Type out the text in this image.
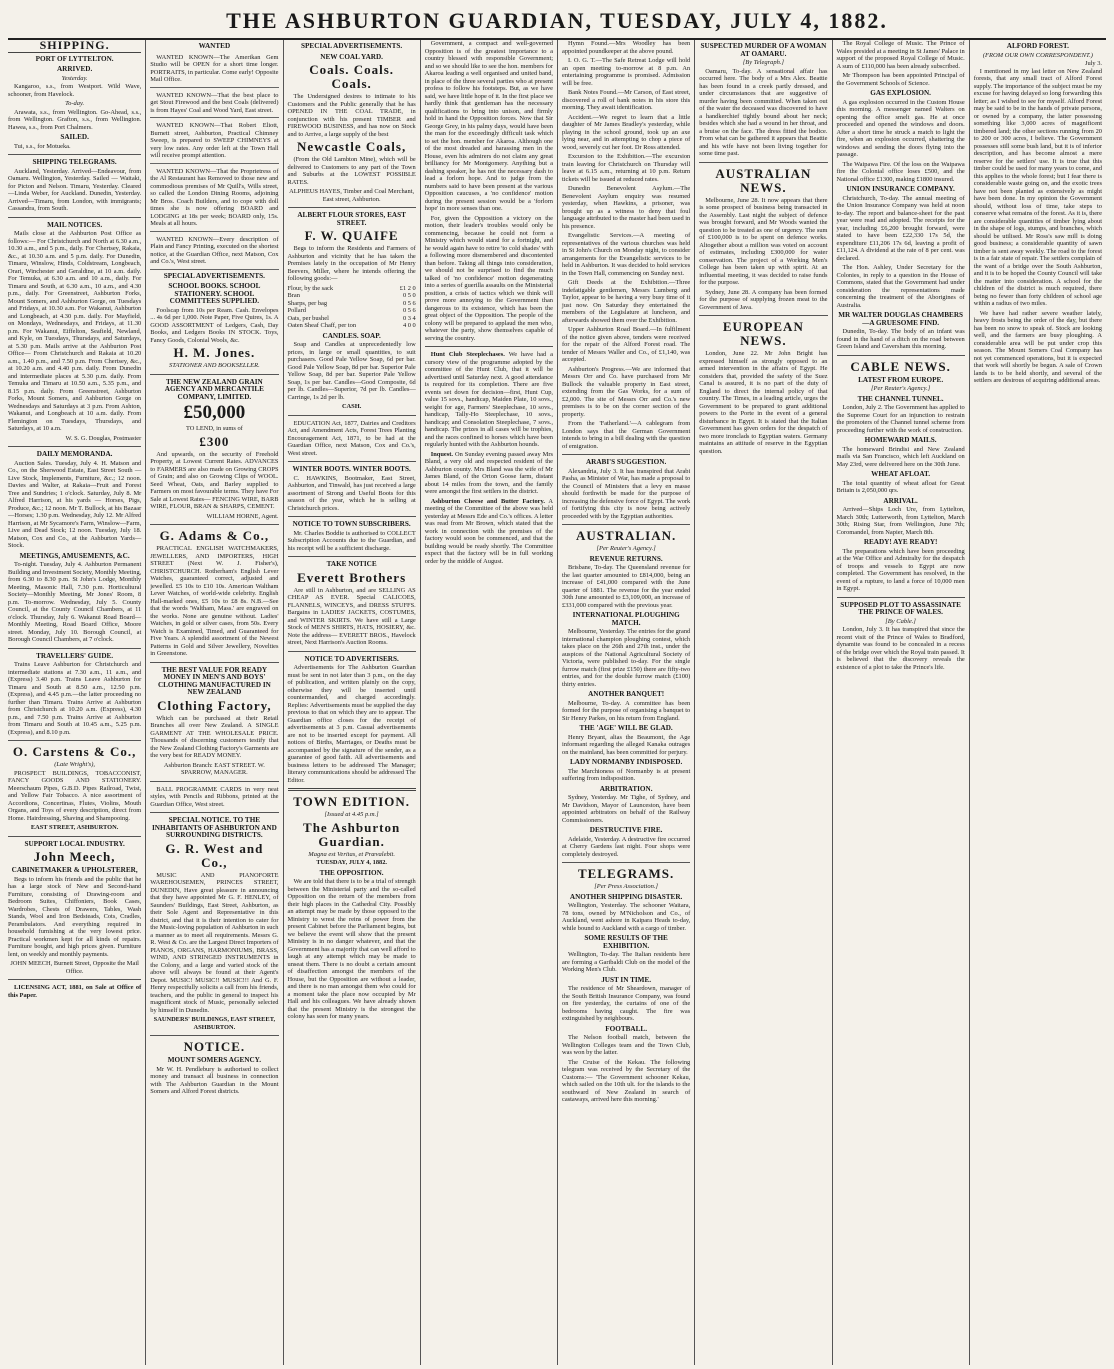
THE ASHBURTON GUARDIAN, TUESDAY, JULY 4, 1882.
SHIPPING.
PORT OF LYTTELTON.
ARRIVED.
Yesterday.
Kangaroo, s.s., from Westport. Wild Wave, schooner, from Havelock.
To-day.
Arawata, s.s., from Wellington. Go-Ahead, s.s., from Wellington. Grafton, s.s., from Wellington. Hawea, s.s., from Port Chalmers.
SAILED.
Tui, s.s., for Motueka.
SHIPPING TELEGRAMS.
Auckland, Yesterday. Arrived—Endeavour, from Oamaru. Wellington, Yesterday. Sailed — Waitaki, for Picton and Nelson. Timaru, Yesterday. Cleared—Linda Weber, for Auckland. Dunedin, Yesterday. Arrived—Timaru, from London, with immigrants; Cassandra, from South.
MAIL NOTICES.
Mails close at the Ashburton Post Office as follows:— For Christchurch and North at 6.30 a.m., 10.30 a.m., and 5 p.m., daily. For Chertsey, Rakaia, &c., at 10.30 a.m. and 5 p.m. daily. For Dunedin, Timaru, Winslow, Hinds, Coldstream, Longbeach, Orari, Winchester and Geraldine, at 10 a.m. daily. For Temuka, at 6.30 a.m. and 10 a.m., daily. For Timaru and South, at 6.30 a.m., 10 a.m., and 4.30 p.m., daily. For Greenstreet, Ashburton Forks, Mount Somers, and Ashburton Gorge, on Tuesdays and Fridays, at 10.30 a.m. For Wakanui, Ashburton and Longbeach, at 4.30 p.m. daily. For Mayfield, on Mondays, Wednesdays, and Fridays, at 11.30 p.m. For Wakanui, Eiffelton, Seafield, Newland, and Kyle, on Tuesdays, Thursdays, and Saturdays, at 5.30 p.m. Mails arrive at the Ashburton Post Office— From Christchurch and Rakaia at 10.20 a.m., 1.40 p.m., and 7.50 p.m. From Chertsey, &c., at 10.20 a.m. and 4.40 p.m. daily. From Dunedin and intermediate places at 5.30 p.m. daily. From Temuka and Timaru at 10.50 a.m., 5.35 p.m., and 8.15 p.m. daily. From Greenstreet, Ashburton Forks, Mount Somers, and Ashburton Gorge on Wednesdays and Saturdays at 3 p.m. From Ashton, Wakanui, and Longbeach at 10 a.m. daily. From Flemington on Tuesdays, Thursdays, and Saturdays, at 10 a.m.
W. S. G. Douglas, Postmaster
DAILY MEMORANDA.
Auction Sales. Tuesday, July 4. H. Matson and Co., on the Sherwood Estate, East Street South — Live Stock, Implements, Furniture, &c.; 12 noon. Davies and Walter, at Rakaia—Fruit and Forest Tree and Sundries; 1 o'clock. Saturday, July 8. Mr Alfred Harrison, at his yards — Horses, Pigs, Produce, &c.; 12 noon. Mr T. Bullock, at his Bazaar—Horses; 1.30 p.m. Wednesday, July 12. Mr Alfred Harrison, at Mr Sycamore's Farm, Winslow—Farm, Live and Dead Stock; 12 noon. Tuesday, July 18. Matson, Cox and Co., at the Ashburton Yards—Stock.
MEETINGS, AMUSEMENTS, &C.
To-night. Tuesday, July 4. Ashburton Permanent Building and Investment Society, Monthly Meeting, from 6.30 to 8.30 p.m. St John's Lodge, Monthly Meeting, Masonic Hall, 7.30 p.m. Horticultural Society—Monthly Meeting, Mr Jones' Room, 8 p.m. To-morrow. Wednesday, July 5. County Council, at the County Council Chambers, at 11 o'clock. Thursday, July 6. Wakanui Road Board—Monthly Meeting, Road Board Office, Moore street. Monday, July 10. Borough Council, at Borough Council Chambers, at 7 o'clock.
TRAVELLERS' GUIDE.
Trains Leave Ashburton for Christchurch and intermediate stations at 7.30 a.m., 11 a.m., and (Express) 3.40 p.m. Trains Leave Ashburton for Timaru and South at 8.50 a.m., 12.50 p.m. (Express), and 4.45 p.m.—the latter proceeding no further than Timaru. Trains Arrive at Ashburton from Christchurch at 10.20 a.m. (Express), 4.30 p.m., and 7.50 p.m. Trains Arrive at Ashburton from Timaru and South at 10.45 a.m., 5.25 p.m. (Express), and 8.10 p.m.
O. Carstens & Co.,
(Late Wright's),
PROSPECT BUILDINGS, TOBACCONIST, FANCY GOODS AND STATIONERY. Meerschaum Pipes, G.B.D. Pipes Railroad, Twist, and Yellow Fair Tobacco. A nice assortment of Accordions, Concertinas, Flutes, Violins, Mouth Organs, and Toys of every description, direct from Home. Hairdressing, Shaving and Shampooing.
EAST STREET, ASHBURTON.
SUPPORT LOCAL INDUSTRY.
John Meech,
CABINETMAKER & UPHOLSTERER,
Begs to inform his friends and the public that he has a large stock of New and Second-hand Furniture, consisting of Drawing-room and Bedroom Suites, Chiffoniers, Book Cases, Wardrobes, Chests of Drawers, Tables, Wash Stands, Wool and Iron Bedsteads, Cots, Cradles, Perambulators. And everything required in household furnishing at the very lowest price. Practical workmen kept for all kinds of repairs. Furniture bought, and high prices given. Furniture lent, on weekly and monthly payments.
JOHN MEECH, Burnett Street, Opposite the Mail Office.
LICENSING ACT, 1881, on Sale at Office of this Paper.
WANTED
WANTED KNOWN—The Amerikan Gem Studio will be OPEN for a short time longer. PORTRAITS, in particular. Come early! Opposite Mail Office.
WANTED KNOWN—That the best place to get Stout Firewood and the best Coals (delivered) is from Hayes' Coal and Wood Yard, East street.
WANTED KNOWN—That Robert Eliott, Burnett street, Ashburton, Practical Chimney Sweep, is prepared to SWEEP CHIMNEYS at very low rates. Any order left at the Town Hall will receive prompt attention.
WANTED KNOWN—That the Proprietress of the Al Restaurant has Removed to those new and commodious premises of Mr Quill's, Wills street, so called the London Dining Rooms, adjoining Mr Bros. Coach Builders, and to cope with doll times she is now offering BOARD and LODGING at 18s per week; BOARD only, 15s. Meals at all hours.
WANTED KNOWN—Every description of Plain and Fancy Printing, executed on the shortest notice, at the Guardian Office, next Matson, Cox and Co.'s, West street.
SPECIAL ADVERTISEMENTS.
SCHOOL BOOKS. SCHOOL STATIONERY. SCHOOL COMMITTEES SUPPLIED.
Foolscap from 10s per Ream. Cash. Envelopes ... 4s 6d per 1,000. Note Paper, Five Quires, 1s. A GOOD ASSORTMENT of Ledgers, Cash, Day Books, and Ledgers Books IN STOCK. Toys, Fancy Goods, Colonial Wools, &c.
H. M. Jones.
STATIONER AND BOOKSELLER.
THE NEW ZEALAND GRAIN AGENCY AND MERCANTILE COMPANY, LIMITED.
£50,000
TO LEND, in sums of
£300
And upwards, on the security of Freehold Property, at Lowest Current Rates. ADVANCES to FARMERS are also made on Growing CROPS of Grain; and also on Growing Clips of WOOL. Seed Wheat, Oats, and Barley supplied to Farmers on most favourable terms. They have For Sale at Lowest Rates— FENCING WIRE, BARB WIRE, FLOUR, BRAN & SHARPS, CEMENT.
WILLIAM HORNE, Agent.
G. Adams & Co.,
PRACTICAL ENGLISH WATCHMAKERS, JEWELLERS, AND IMPORTERS, HIGH STREET (Next W. J. Fisher's), CHRISTCHURCH. Rotherham's English Lever Watches, guaranteed correct, adjusted and jewelled. £5 10s to £10 10s. American Waltham Lever Watches, of world-wide celebrity. English Hall-marked ones, £5 10s to £8 8s. N.B.—See that the words 'Waltham, Mass.' are engraved on the works. None are genuine without. Ladies' Watches, in gold or silver cases, from 50s. Every Watch is Examined, Timed, and Guaranteed for Five Years. A splendid assortment of the Newest Patterns in Gold and Silver Jewellery, Novelties in Greenstone.
THE BEST VALUE FOR READY MONEY IN MEN'S AND BOYS' CLOTHING MANUFACTURED IN NEW ZEALAND
Clothing Factory,
Which can be purchased at their Retail Branches all over New Zealand. A SINGLE GARMENT AT THE WHOLESALE PRICE. Thousands of discerning customers testify that the New Zealand Clothing Factory's Garments are the very best for READY MONEY.
Ashburton Branch: EAST STREET. W. SPARROW, MANAGER.
BALL PROGRAMME CARDS in very neat styles, with Pencils and Ribbons, printed at the Guardian Office, West street.
SPECIAL NOTICE. TO THE INHABITANTS OF ASHBURTON AND SURROUNDING DISTRICTS.
G. R. West and Co.,
MUSIC AND PIANOFORTE WAREHOUSEMEN, PRINCES STREET, DUNEDIN, Have great pleasure in announcing that they have appointed Mr G. F. HENLEY, of Saunders' Buildings, East Street, Ashburton, as their Sole Agent and Representative in this district, and that it is their intention to cater for the Music-loving population of Ashburton in such a manner as to meet all requirements. Messrs G. R. West & Co. are the Largest Direct Importers of PIANOS, ORGANS, HARMONIUMS, BRASS, WIND, AND STRINGED INSTRUMENTS in the Colony, and a large and varied stock of the above will always be found at their Agent's Depot. MUSIC! MUSIC!! MUSIC!!! And G. F. Henry respectfully solicits a call from his friends, teachers, and the public in general to inspect his magnificent stock of Music, personally selected by himself in Dunedin.
SAUNDERS' BUILDINGS, EAST STREET, ASHBURTON.
NOTICE.
MOUNT SOMERS AGENCY.
Mr W. H. Pendlebury is authorised to collect money and transact all business in connection with The Ashburton Guardian in the Mount Somers and Alford Forest districts.
SPECIAL ADVERTISEMENTS.
NEW COAL YARD.
Coals. Coals. Coals.
The Undersigned desires to intimate to his Customers and the Public generally that he has OPENED IN THE COAL TRADE, in conjunction with his present TIMBER and FIREWOOD BUSINESS, and has now on Stock and to Arrive, a large supply of the best
Newcastle Coals,
(From the Old Lambton Mine), which will be delivered to Customers to any part of the Town and Suburbs at the LOWEST POSSIBLE RATES.
ALPHEUS HAYES, Timber and Coal Merchant, East street, Ashburton.
ALBERT FLOUR STORES, EAST STREET.
F. W. QUAIFE
Begs to inform the Residents and Farmers of Ashburton and vicinity that he has taken the Premises lately in the occupation of Mr Henry Beevers, Miller, where he intends offering the following goods:—
Flour, by the sack	£1 2 0
Bran	0 5 0
Sharps, per bag	0 5 6
Pollard	0 5 6
Oats, per bushel	0 3 4
Oaten Sheaf Chaff, per ton	4 0 0
CANDLES. SOAP.
Soap and Candles at unprecedentedly low prices, in large or small quantities, to suit purchasers. Good Pale Yellow Soap, 6d per bar. Good Pale Yellow Soap, 8d per bar. Superior Pale Yellow Soap, 8d per bar. Superior Pale Yellow Soap, 1s per bar. Candles—Good Composite, 6d per lb. Candles—Superior, 7d per lb. Candles—Carringe, 1s 2d per lb.
CASH.
EDUCATION Act, 1877, Dairies and Creditors Act, and Amendment Acts, Forest Trees Planting Encouragement Act, 1871, to be had at the Guardian Office, next Matson, Cox and Co.'s, West street.
WINTER BOOTS. WINTER BOOTS.
C. HAWKINS, Bootmaker, East Street, Ashburton, and Tinwald, has just received a large assortment of Strong and Useful Boots for this season of the year, which he is selling at Christchurch prices.
NOTICE TO TOWN SUBSCRIBERS.
Mr. Charles Boddie is authorised to COLLECT Subscription Accounts due to the Guardian, and his receipt will be a sufficient discharge.
TAKE NOTICE
Everett Brothers
Are still in Ashburton, and are SELLING AS CHEAP AS EVER. Special CALICOES, FLANNELS, WINCEYS, and DRESS STUFFS. Bargains in LADIES' JACKETS, COSTUMES, and WINTER SKIRTS. We have still a Large Stock of MEN'S SHIRTS, HATS, HOSIERY, &c. Note the address— EVERETT BROS., Havelock street, Next Harrison's Auction Rooms.
NOTICE TO ADVERTISERS.
Advertisements for The Ashburton Guardian must be sent in not later than 3 p.m., on the day of publication, and written plainly on the copy, otherwise they will be inserted until countermanded, and charged accordingly. Replies: Advertisements must be supplied the day previous to that on which they are to appear. The Guardian office closes for the receipt of advertisements at 3 p.m. Casual advertisements are not to be inserted except for payment. All notices of Births, Marriages, or Deaths must be accompanied by the signature of the sender, as a guarantee of good faith. All advertisements and business letters to be addressed The Manager; literary communications should be addressed The Editor.
TOWN EDITION.
[Issued at 4.45 p.m.]
The Ashburton Guardian.
Magna est Veritas, et Prævalebit.
TUESDAY, JULY 4, 1882.
THE OPPOSITION.
We are told that there is to be a trial of strength between the Ministerial party and the so-called Opposition on the return of the members from their high places in the Cathedral City. Possibly an attempt may be made by those opposed to the Ministry to wrest the reins of power from the present Cabinet before the Parliament begins, but we believe the event will show that the present Ministry is in no danger whatever, and that the Government has a majority that can well afford to laugh at any attempt which may be made to unseat them. There is no doubt a certain amount of disaffection amongst the members of the House, but the Opposition are without a leader, and there is no man amongst them who could for a moment take the place now occupied by Mr Hall and his colleagues. We have already shown that the present Ministry is the strongest the colony has seen for many years.
Government, a compact and well-governed Opposition is of the greatest importance to a country blessed with responsible Government; and so we should like to see the hon. members for Akaroa leading a well organised and united band, in place of the three several parties who at present profess to follow his footsteps. But, as we have said, we have little hope of it. In the first place we hardly think that gentleman has the necessary qualifications to bring into unison, and firmly hold in hand the Opposition forces. Now that Sir George Grey, in his palmy days, would have been the man for the exceedingly difficult task which to set the hon. member for Akaroa. Although one of the most dreaded and harassing men in the House, even his admirers do not claim any great brilliancy for Mr Montgomery. Anything but a dashing speaker, he has not the necessary dash to lead a forlorn hope. And to judge from the numbers said to have been present at the various Opposition caucuses, a 'no confidence' motion during the present session would be a 'forlorn hope' in more senses than one.
For, given the Opposition a victory on the motion, their leader's troubles would only be commencing, because he could not form a Ministry which would stand for a fortnight, and he would again have to retire 'to cold shades' with a following more dismembered and discontented than before. Taking all things into consideration, we should not be surprised to find the much talked of 'no confidence' motion degenerating into a series of guerilla assaults on the Ministerial position, a crisis of tactics which we think will prove more annoying to the Government than dangerous to its existence, which has been the great object of the Opposition. The people of the colony will be prepared to applaud the men who, whatever the party, show themselves capable of serving the country.
Hunt Club Steeplechases. We have had a cursory view of the programme adopted by the committee of the Hunt Club, that it will be advertised until Saturday next. A good attendance is required for its completion. There are five events set down for decision—first, Hunt Cup, value 15 sovs., handicap, Maiden Plate, 10 sovs., weight for age, Farmers' Steeplechase, 10 sovs., handicap, Tally-Ho Steeplechase, 10 sovs., handicap; and Consolation Steeplechase, 7 sovs., handicap. The prizes in all cases will be trophies, and the races confined to horses which have been regularly hunted with the Ashburton hounds.
Inquest. On Sunday evening passed away Mrs Bland, a very old and respected resident of the Ashburton county. Mrs Bland was the wife of Mr James Bland, of the Orton Goose farm, distant about 14 miles from the town, and the family were amongst the first settlers in the district.
Ashburton Cheese and Butter Factory. A meeting of the Committee of the above was held yesterday at Messrs Ede and Co.'s offices. A letter was read from Mr Brown, which stated that the work in connection with the premises of the factory would soon be commenced, and that the building would be ready shortly. The Committee expect that the factory will be in full working order by the middle of August.
Hymn Found.—Mrs Woodley has been appointed poundkeeper at the above pound.
I. O. G. T.—The Safe Retreat Lodge will hold an open meeting to-morrow at 8 p.m. An entertaining programme is promised. Admission will be free.
Bank Notes Found.—Mr Carson, of East street, discovered a roll of bank notes in his store this morning. They await identification.
Accident.—We regret to learn that a little daughter of Mr James Bradley's yesterday, while playing in the school ground, took up an axe lying near, and in attempting to chop a piece of wood, severely cut her foot. Dr Ross attended.
Excursion to the Exhibition.—The excursion train leaving for Christchurch on Thursday will leave at 6.15 a.m., returning at 10 p.m. Return tickets will be issued at reduced rates.
Dunedin Benevolent Asylum.—The Benevolent Asylum enquiry was resumed yesterday, when Hawkins, a prisoner, was brought up as a witness to deny that foul language attributed to the master had been used in his presence.
Evangelistic Services.—A meeting of representatives of the various churches was held in St John's Church on Monday night, to consider arrangements for the Evangelistic services to be held in Ashburton. It was decided to hold services in the Town Hall, commencing on Sunday next.
Gift Deeds at the Exhibition.—Three indefatigable gentlemen, Messrs Lumberg and Taylor, appear to be having a very busy time of it just now. On Saturday they entertained the members of the Legislature at luncheon, and afterwards showed them over the Exhibition.
Upper Ashburton Road Board.—In fulfilment of the notice given above, tenders were received for the repair of the Alford Forest road. The tender of Messrs Waller and Co., of £1,140, was accepted.
Ashburton's Progress.—We are informed that Messrs Orr and Co. have purchased from Mr Bullock the valuable property in East street, extending from the Gas Works, for a sum of £2,000. The site of Messrs Orr and Co.'s new premises is to be on the corner section of the property.
From the 'Fatherland.'—A cablegram from London says that the German Government intends to bring in a bill dealing with the question of emigration.
ARABI'S SUGGESTION.
Alexandria, July 3. It has transpired that Arabi Pasha, as Minister of War, has made a proposal to the Council of Ministers that a levy en masse should forthwith be made for the purpose of increasing the defensive force of Egypt. The work of fortifying this city is now being actively proceeded with by the Egyptian authorities.
AUSTRALIAN.
[Per Reuter's Agency.]
REVENUE RETURNS.
Brisbane, To-day. The Queensland revenue for the last quarter amounted to £814,000, being an increase of £41,000 compared with the June quarter of 1881. The revenue for the year ended 30th June amounted to £3,109,000, an increase of £331,000 compared with the previous year.
INTERNATIONAL PLOUGHING MATCH.
Melbourne, Yesterday. The entries for the grand international champion ploughing contest, which takes place on the 26th and 27th inst., under the auspices of the National Agricultural Society of Victoria, were published to-day. For the single furrow match (first prize £150) there are fifty-two entries, and for the double furrow match (£100) thirty entries.
ANOTHER BANQUET!
Melbourne, To-day. A committee has been formed for the purpose of organising a banquet to Sir Henry Parkes, on his return from England.
THE 'AGE' WILL BE GLAD.
Henry Bryant, alias the Beaumont, the Age informant regarding the alleged Kanaka outrages on the mainland, has been committed for perjury.
LADY NORMANBY INDISPOSED.
The Marchioness of Normanby is at present suffering from indisposition.
ARBITRATION.
Sydney, Yesterday. Mr Tighe, of Sydney, and Mr Davidson, Mayor of Launceston, have been appointed arbitrators on behalf of the Railway Commissioners.
DESTRUCTIVE FIRE.
Adelaide, Yesterday. A destructive fire occurred at Cherry Gardens last night. Four shops were completely destroyed.
TELEGRAMS.
[Per Press Association.]
ANOTHER SHIPPING DISASTER.
Wellington, Yesterday. The schooner Waitara, 78 tons, owned by M'Nicholson and Co., of Auckland, went ashore in Kaipara Heads to-day, while bound to Auckland with a cargo of timber.
SOME RESULTS OF THE EXHIBITION.
Wellington, To-day. The Italian residents here are forming a Garibaldi Club on the model of the Working Men's Club.
JUST IN TIME.
The residence of Mr Sheardown, manager of the South British Insurance Company, was found on fire yesterday, the curtains of one of the bedrooms having caught. The fire was extinguished by neighbours.
FOOTBALL.
The Nelson football match, between the Wellington Colleges team and the Town Club, was won by the latter.
The Cruise of the Kekau. The following telegram was received by the Secretary of the Customs:— 'The Government schooner Kekau, which sailed on the 10th ult. for the islands to the southward of New Zealand in search of castaways, arrived here this morning.'
SUSPECTED MURDER OF A WOMAN AT OAMARU.
[By Telegraph.]
Oamaru, To-day. A sensational affair has occurred here. The body of a Mrs Alex. Beattie has been found in a creek partly dressed, and under circumstances that are suggestive of murder having been committed. When taken out of the water the deceased was discovered to have a handkerchief tightly bound about her neck; besides which she had a wound in her throat, and a bruise on the face. The dress fitted the bodice. From what can be gathered it appears that Beattie and his wife have not been living together for some time past.
AUSTRALIAN NEWS.
Melbourne, June 28. It now appears that there is some prospect of business being transacted in the Assembly. Last night the subject of defence was brought forward, and Mr Woods wanted the question to be treated as one of urgency. The sum of £100,000 is to be spent on defence works. Altogether about a million was voted on account of estimates, including £300,000 for water conservation. The project of a Working Men's College has been taken up with spirit. At an influential meeting, it was decided to raise funds for the purpose.
Sydney, June 28. A company has been formed for the purpose of supplying frozen meat to the Government of Java.
EUROPEAN NEWS.
London, June 22. Mr John Bright has expressed himself as strongly opposed to an armed intervention in the affairs of Egypt. He considers that, provided the safety of the Suez Canal is assured, it is no part of the duty of England to direct the internal policy of that country. The Times, in a leading article, urges the Government to be prepared to grant additional powers to the Porte in the event of a general disturbance in Egypt. It is stated that the Italian Government has given orders for the despatch of two more ironclads to Egyptian waters. Germany maintains an attitude of reserve in the Egyptian question.
The Royal College of Music. The Prince of Wales presided at a meeting in St James' Palace in support of the proposed Royal College of Music. A sum of £110,000 has been already subscribed.
Mr Thompson has been appointed Principal of the Government Schools of Science.
GAS EXPLOSION.
A gas explosion occurred in the Custom House this morning. A messenger named Walters on opening the office smelt gas. He at once proceeded and opened the windows and doors. After a short time he struck a match to light the fire, when an explosion occurred, shattering the windows and sending the doors flying into the passage.
The Waipawa Fire. Of the loss on the Waipawa fire the Colonial office loses £500, and the National office £1300, making £1800 insured.
UNION INSURANCE COMPANY.
Christchurch, To-day. The annual meeting of the Union Insurance Company was held at noon to-day. The report and balance-sheet for the past year were read and adopted. The receipts for the year, including £6,200 brought forward, were stated to have been £22,330 17s 5d, the expenditure £11,206 17s 6d, leaving a profit of £11,124. A dividend at the rate of 8 per cent. was declared.
The Hon. Ashley, Under Secretary for the Colonies, in reply to a question in the House of Commons, stated that the Government had under consideration the representations made concerning the treatment of the Aborigines of Australia.
MR WALTER DOUGLAS CHAMBERS—A GRUESOME FIND.
Dunedin, To-day. The body of an infant was found in the hand of a ditch on the road between Green Island and Caversham this morning.
CABLE NEWS.
LATEST FROM EUROPE.
[Per Reuter's Agency.]
THE CHANNEL TUNNEL.
London, July 2. The Government has applied to the Supreme Court for an injunction to restrain the promoters of the Channel tunnel scheme from proceeding further with the work of construction.
HOMEWARD MAILS.
The homeward Brindisi and New Zealand mails via San Francisco, which left Auckland on May 23rd, were delivered here on the 30th June.
WHEAT AFLOAT.
The total quantity of wheat afloat for Great Britain is 2,050,000 qrs.
ARRIVAL.
Arrived—Ships Loch Ure, from Lyttelton, March 30th; Lutterworth, from Lyttelton, March 30th; Rising Star, from Wellington, June 7th; Coromandel, from Napier, March 8th.
READY! AYE READY!
The preparations which have been proceeding at the War Office and Admiralty for the despatch of troops and vessels to Egypt are now completed. The Government has resolved, in the event of a rupture, to land a force of 10,000 men in Egypt.
SUPPOSED PLOT TO ASSASSINATE THE PRINCE OF WALES.
[By Cable.]
London, July 3. It has transpired that since the recent visit of the Prince of Wales to Bradford, dynamite was found to be concealed in a recess of the bridge over which the Royal train passed. It is believed that the discovery reveals the existence of a plot to take the Prince's life.
ALFORD FOREST.
(FROM OUR OWN CORRESPONDENT.)
July 3.
I mentioned in my last letter on New Zealand forests, that any small tract of Alford Forest supply. The importance of the subject must be my excuse for having delayed so long forwarding this letter; as I wished to see for myself. Alford Forest may be said to be in the hands of private persons, or owned by a company, the latter possessing something like 3,000 acres of magnificent timbered land; the other sections running from 20 to 200 or 300 acres, I believe. The Government possesses still some bush land, but it is of inferior description, and has become almost a mere reserve for the settlers' use. It is true that this timber could be used for many years to come, and this applies to the whole forest; but I fear there is considerable waste going on, and the exotic trees have not been planted as extensively as might have been done. In my opinion the Government should, without loss of time, take steps to conserve what remains of the forest. As it is, there are considerable quantities of timber lying about in the shape of logs, stumps, and branches, which should be utilised. Mr Ross's saw mill is doing good business; a considerable quantity of sawn timber is sent away weekly. The road to the forest is in a fair state of repair. The settlers complain of the want of a bridge over the South Ashburton, and it is to be hoped the County Council will take the matter into consideration. A school for the children of the district is much required, there being no fewer than forty children of school age within a radius of two miles.
We have had rather severe weather lately, heavy frosts being the order of the day, but there has been no snow to speak of. Stock are looking well, and the farmers are busy ploughing. A considerable area will be put under crop this season. The Mount Somers Coal Company has not yet commenced operations, but it is expected that work will shortly be begun. A sale of Crown lands is to be held shortly, and several of the settlers are desirous of acquiring additional areas.
